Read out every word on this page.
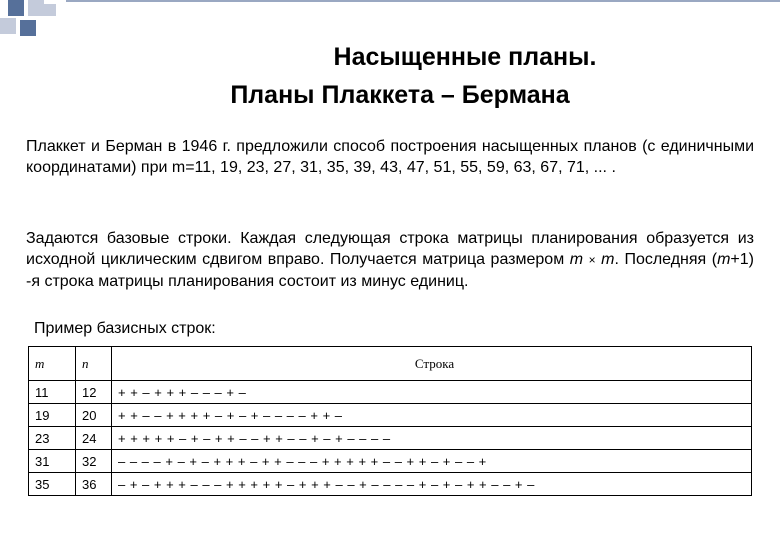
Насыщенные планы.
Планы Плаккета – Бермана
Плаккет и Берман в 1946 г. предложили способ построения насыщенных планов (с единичными координатами) при m=11, 19, 23, 27, 31, 35, 39, 43, 47, 51, 55, 59, 63, 67, 71, ... .
Задаются базовые строки. Каждая следующая строка матрицы планирования образуется из исходной циклическим сдвигом вправо. Получается матрица размером m × m. Последняя (m+1) -я строка матрицы планирования состоит из минус единиц.
Пример базисных строк:
m	n	Строка
11	12	+ + – + + + – – – + –
19	20	+ + – – + + + + – + – + – – – – + + –
23	24	+ + + + + – + – + + – – + + – – + – + – – – –
31	32	– – – – + – + – + + + – + + – – – + + + + + – – + + – + – – +
35	36	– + – + + + – – – + + + + + – + + + – – + – – – – + – + – + + – – + –
